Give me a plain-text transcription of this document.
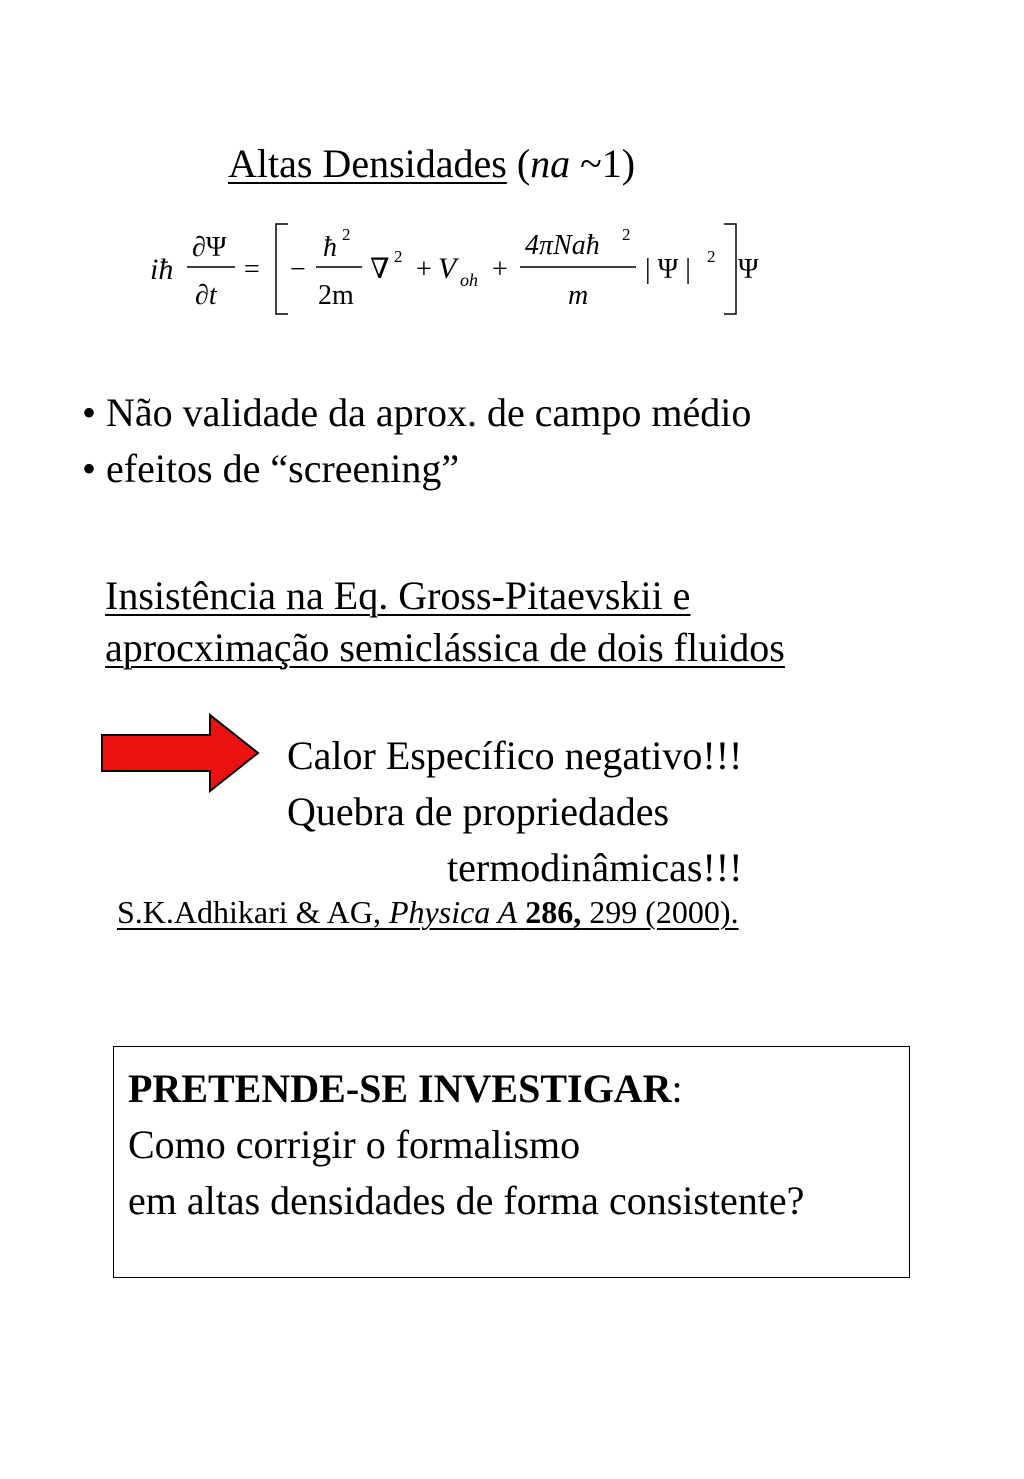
Altas Densidades (na ~1)
iħ
∂Ψ
∂t
= −
ħ 2
2m
∇ 2 + V oh +
4πNaħ 2
m
| Ψ | 2 Ψ
• Não validade da aprox. de campo médio
• efeitos de “screening”
Insistência na Eq. Gross-Pitaevskii e
aprocximação semiclássica de dois fluidos
Calor Específico negativo!!!
Quebra de propriedades
termodinâmicas!!!
S.K.Adhikari & AG, Physica A 286, 299 (2000).
PRETENDE-SE INVESTIGAR:
Como corrigir o formalismo
em altas densidades de forma consistente?
